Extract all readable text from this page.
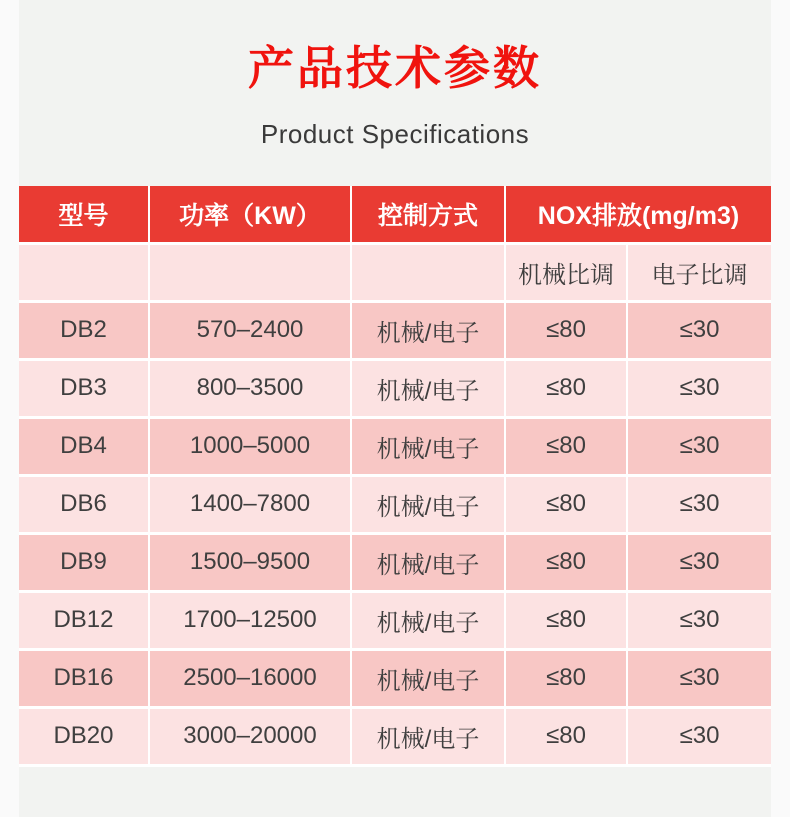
产品技术参数
Product Specifications
型号	功率（KW）	控制方式	NOX排放(mg/m3)	
			机械比调	电子比调
DB2	570–2400	机械/电子	≤80	≤30
DB3	800–3500	机械/电子	≤80	≤30
DB4	1000–5000	机械/电子	≤80	≤30
DB6	1400–7800	机械/电子	≤80	≤30
DB9	1500–9500	机械/电子	≤80	≤30
DB12	1700–12500	机械/电子	≤80	≤30
DB16	2500–16000	机械/电子	≤80	≤30
DB20	3000–20000	机械/电子	≤80	≤30
